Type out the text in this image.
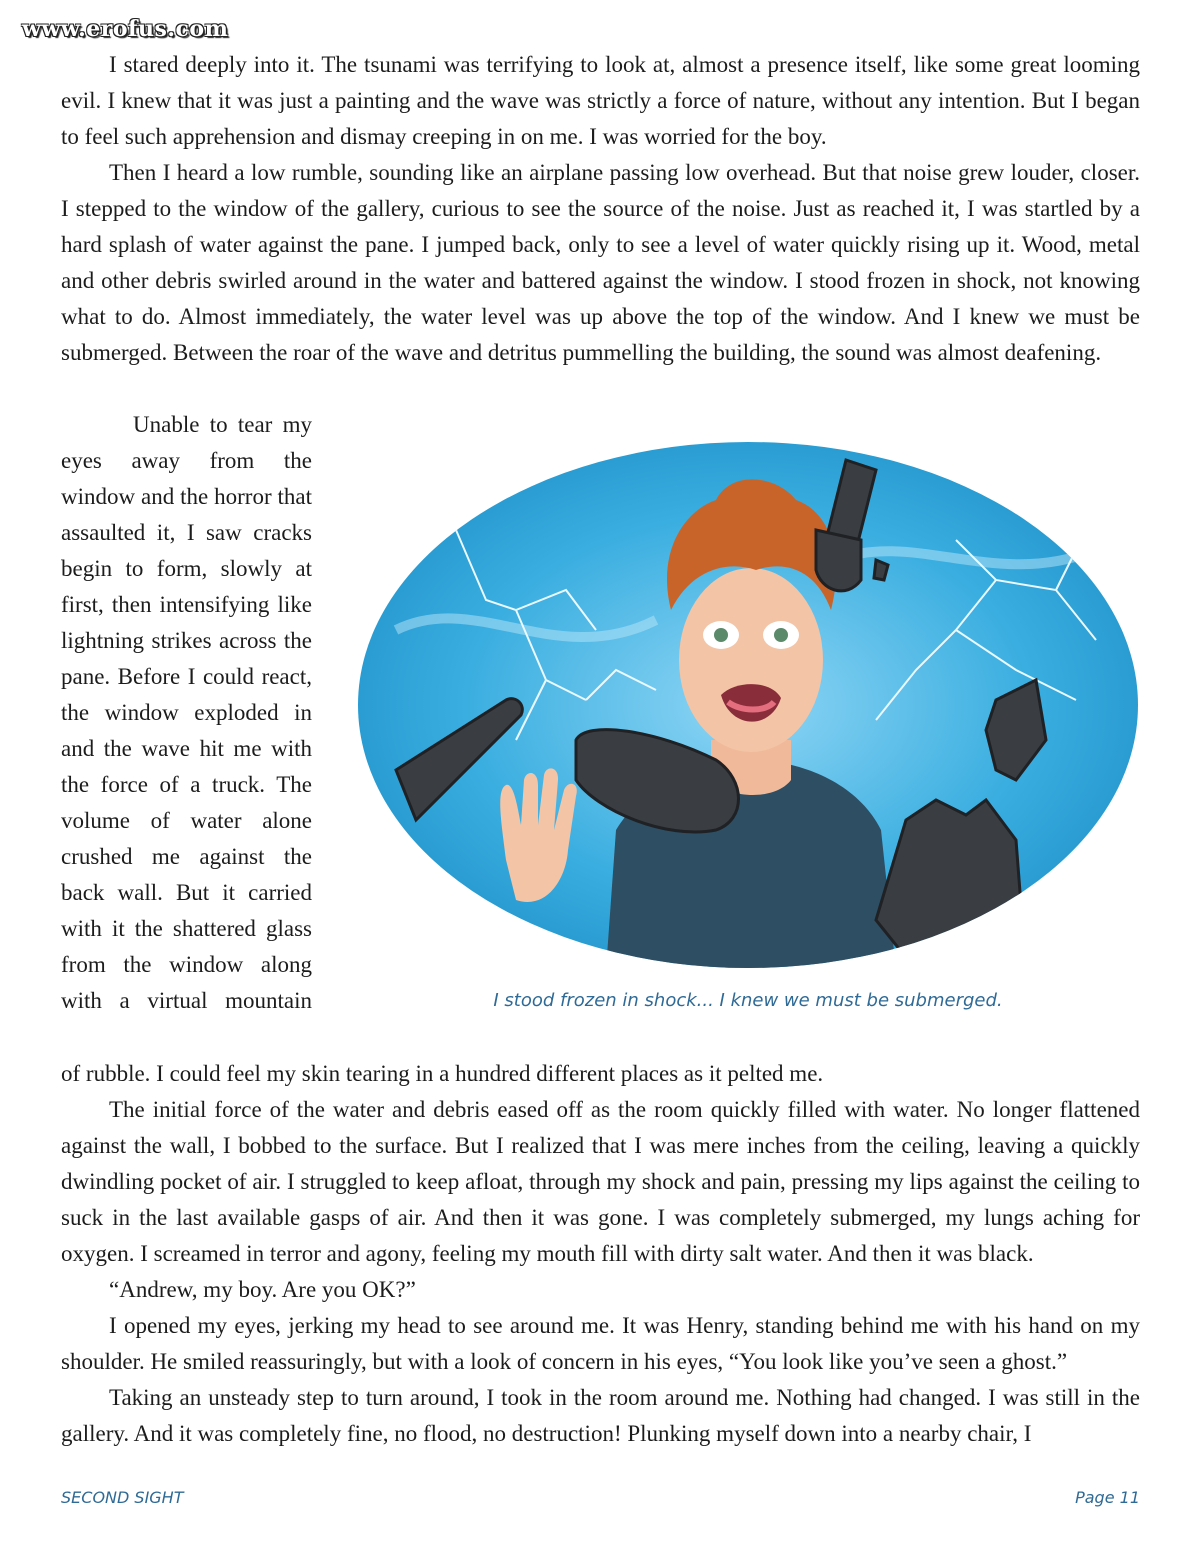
www.erofus.com

I stared deeply into it. The tsunami was terrifying to look at, almost a presence itself, like some great looming evil. I knew that it was just a painting and the wave was strictly a force of nature, without any intention. But I began to feel such apprehension and dismay creeping in on me. I was worried for the boy.

Then I heard a low rumble, sounding like an airplane passing low overhead. But that noise grew louder, closer. I stepped to the window of the gallery, curious to see the source of the noise. Just as reached it, I was startled by a hard splash of water against the pane. I jumped back, only to see a level of water quickly rising up it. Wood, metal and other debris swirled around in the water and battered against the window. I stood frozen in shock, not knowing what to do. Almost immediately, the water level was up above the top of the window. And I knew we must be submerged. Between the roar of the wave and detritus pummelling the building, the sound was almost deafening.

Unable to tear my eyes away from the window and the horror that assaulted it, I saw cracks begin to form, slowly at first, then intensifying like lightning strikes across the pane. Before I could react, the window exploded in and the wave hit me with the force of a truck. The volume of water alone crushed me against the back wall. But it carried with it the shattered glass from the window along with a virtual mountain	I stood frozen in shock... I knew we must be submerged.

of rubble. I could feel my skin tearing in a hundred different places as it pelted me.

The initial force of the water and debris eased off as the room quickly filled with water. No longer flattened against the wall, I bobbed to the surface. But I realized that I was mere inches from the ceiling, leaving a quickly dwindling pocket of air. I struggled to keep afloat, through my shock and pain, pressing my lips against the ceiling to suck in the last available gasps of air. And then it was gone. I was completely submerged, my lungs aching for oxygen. I screamed in terror and agony, feeling my mouth fill with dirty salt water. And then it was black.

“Andrew, my boy. Are you OK?”

I opened my eyes, jerking my head to see around me. It was Henry, standing behind me with his hand on my shoulder. He smiled reassuringly, but with a look of concern in his eyes, “You look like you’ve seen a ghost.”

Taking an unsteady step to turn around, I took in the room around me. Nothing had changed. I was still in the gallery. And it was completely fine, no flood, no destruction! Plunking myself down into a nearby chair, I

SECOND SIGHT	Page 11
